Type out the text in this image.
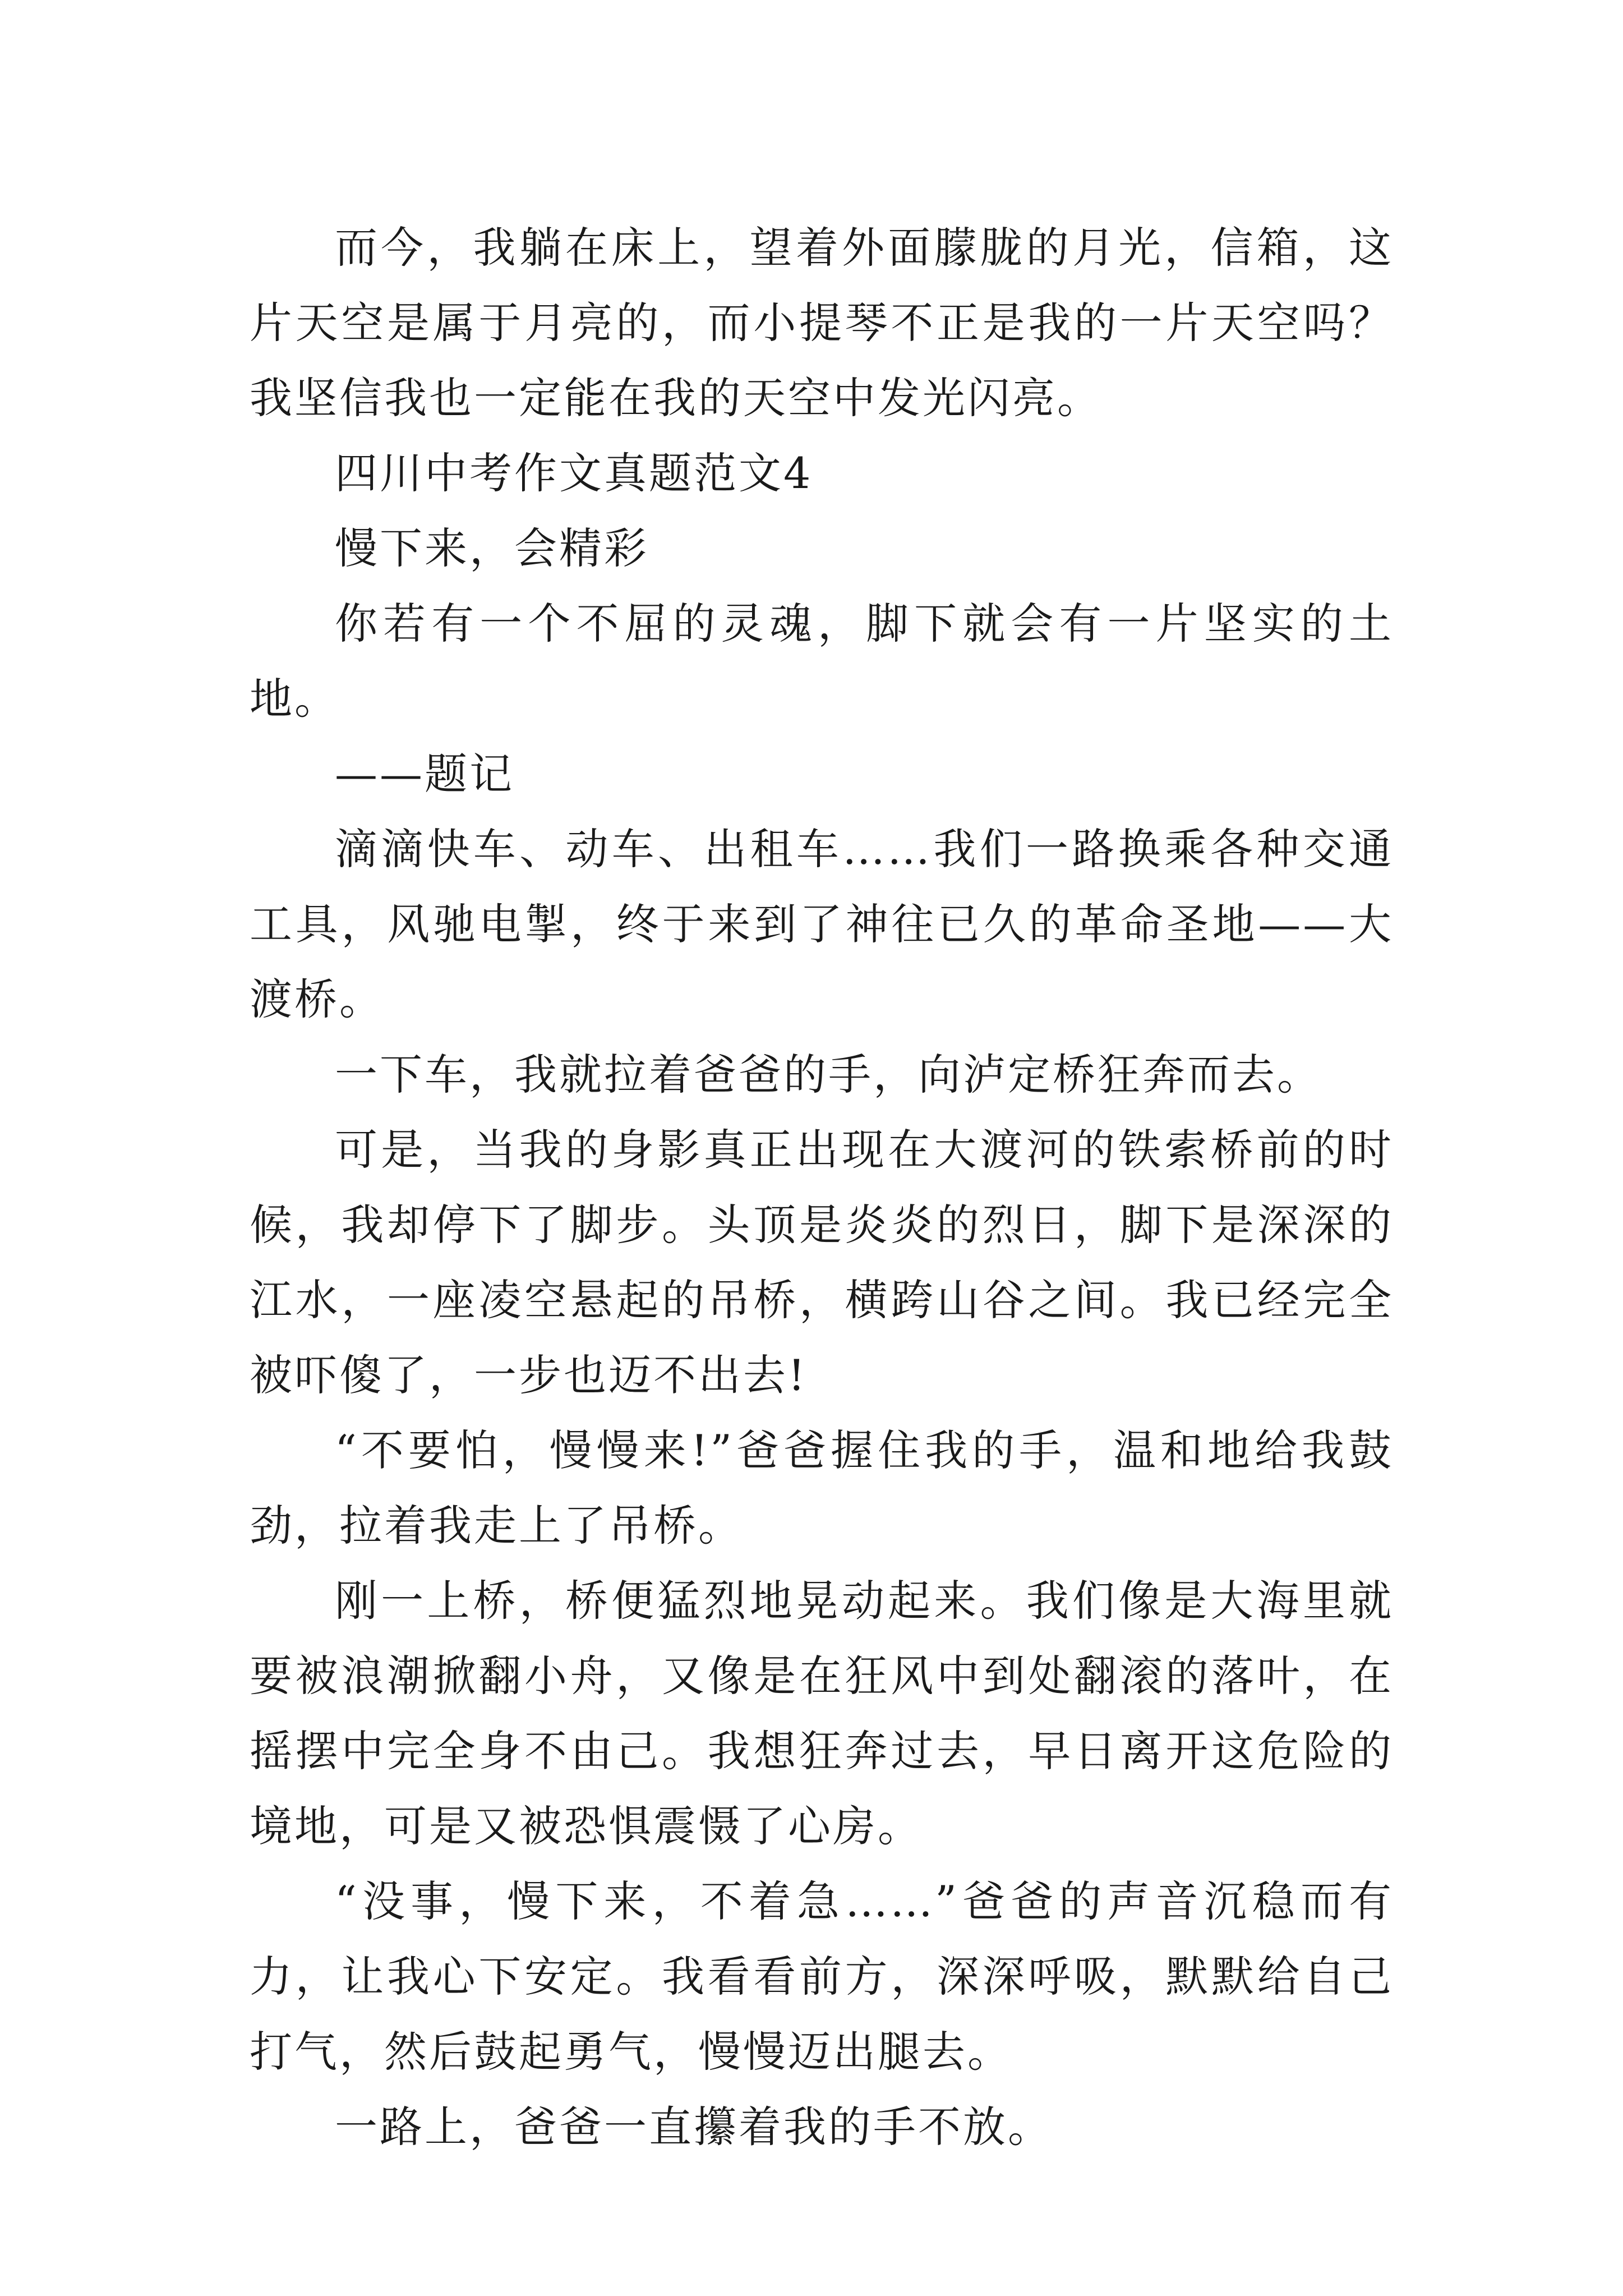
而今，我躺在床上，望着外面朦胧的月光，信箱，这片天空是属于月亮的，而小提琴不正是我的一片天空吗？我坚信我也一定能在我的天空中发光闪亮。

四川中考作文真题范文4

慢下来，会精彩

你若有一个不屈的灵魂，脚下就会有一片坚实的土地。

——题记

滴滴快车、动车、出租车……我们一路换乘各种交通工具，风驰电掣，终于来到了神往已久的革命圣地——大渡桥。

一下车，我就拉着爸爸的手，向泸定桥狂奔而去。

可是，当我的身影真正出现在大渡河的铁索桥前的时候，我却停下了脚步。头顶是炎炎的烈日，脚下是深深的江水，一座凌空悬起的吊桥，横跨山谷之间。我已经完全被吓傻了，一步也迈不出去!

“不要怕，慢慢来!”爸爸握住我的手，温和地给我鼓劲，拉着我走上了吊桥。

刚一上桥，桥便猛烈地晃动起来。我们像是大海里就要被浪潮掀翻小舟，又像是在狂风中到处翻滚的落叶，在摇摆中完全身不由己。我想狂奔过去，早日离开这危险的境地，可是又被恐惧震慑了心房。

“没事，慢下来，不着急……”爸爸的声音沉稳而有力，让我心下安定。我看看前方，深深呼吸，默默给自己打气，然后鼓起勇气，慢慢迈出腿去。

一路上，爸爸一直攥着我的手不放。
